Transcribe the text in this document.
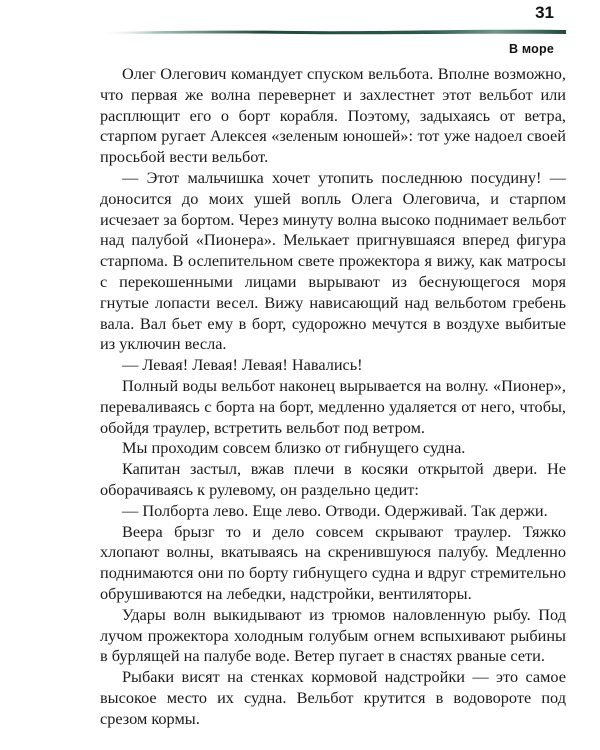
31
В море

Олег Олегович командует спуском вельбота. Вполне возможно, что первая же волна перевернет и захлестнет этот вельбот или расплющит его о борт корабля. Поэтому, задыхаясь от ветра, старпом ругает Алексея «зеленым юношей»: тот уже надоел своей просьбой вести вельбот.

— Этот мальчишка хочет утопить последнюю посудину! — доносится до моих ушей вопль Олега Олеговича, и старпом исчезает за бортом. Через минуту волна высоко поднимает вельбот над палубой «Пионера». Мелькает пригнувшаяся вперед фигура старпома. В ослепительном свете прожектора я вижу, как матросы с перекошенными лицами вырывают из беснующегося моря гнутые лопасти весел. Вижу нависающий над вельботом гребень вала. Вал бьет ему в борт, судорожно мечутся в воздухе выбитые из уключин весла.

— Левая! Левая! Левая! Навались!

Полный воды вельбот наконец вырывается на волну. «Пионер», переваливаясь с борта на борт, медленно удаляется от него, чтобы, обойдя траулер, встретить вельбот под ветром.

Мы проходим совсем близко от гибнущего судна.

Капитан застыл, вжав плечи в косяки открытой двери. Не оборачиваясь к рулевому, он раздельно цедит:

— Полборта лево. Еще лево. Отводи. Одерживай. Так держи.

Веера брызг то и дело совсем скрывают траулер. Тяжко хлопают волны, вкатываясь на скренившуюся палубу. Медленно поднимаются они по борту гибнущего судна и вдруг стремительно обрушиваются на лебедки, надстройки, вентиляторы.

Удары волн выкидывают из трюмов наловленную рыбу. Под лучом прожектора холодным голубым огнем вспыхивают рыбины в бурлящей на палубе воде. Ветер пугает в снастях рваные сети.

Рыбаки висят на стенках кормовой надстройки — это самое высокое место их судна. Вельбот крутится в водовороте под срезом кормы.
